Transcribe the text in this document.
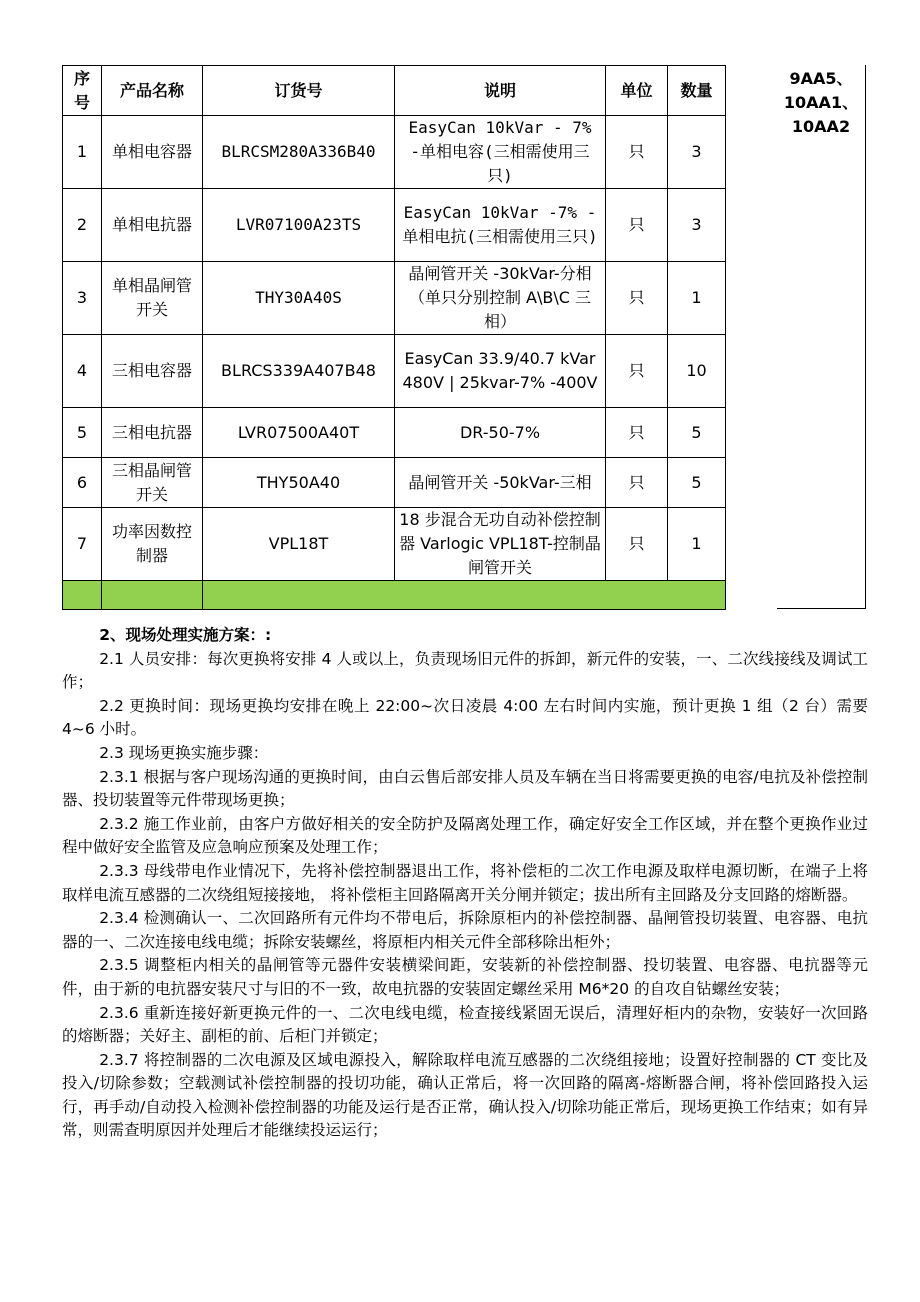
序号	产品名称	订货号	说明	单位	数量
1	单相电容器	BLRCSM280A336B40	EasyCan 10kVar - 7% -单相电容(三相需使用三只)	只	3
2	单相电抗器	LVR07100A23TS	EasyCan 10kVar -7% -单相电抗(三相需使用三只)	只	3
3	单相晶闸管开关	THY30A40S	晶闸管开关 -30kVar-分相（单只分别控制 A\B\C 三相）	只	1
4	三相电容器	BLRCS339A407B48	EasyCan 33.9/40.7 kVar 480V | 25kvar-7% -400V	只	10
5	三相电抗器	LVR07500A40T	DR-50-7%	只	5
6	三相晶闸管开关	THY50A40	晶闸管开关 -50kVar-三相	只	5
7	功率因数控制器	VPL18T	18 步混合无功自动补偿控制器 Varlogic VPL18T-控制晶闸管开关	只	1

9AA5、
10AA1、
10AA2

2、现场处理实施方案：:

2.1 人员安排：每次更换将安排 4 人或以上，负责现场旧元件的拆卸，新元件的安装，一、二次线接线及调试工作；

2.2 更换时间：现场更换均安排在晚上 22:00~次日凌晨 4:00 左右时间内实施，预计更换 1 组（2 台）需要 4~6 小时。

2.3 现场更换实施步骤：

2.3.1 根据与客户现场沟通的更换时间，由白云售后部安排人员及车辆在当日将需要更换的电容/电抗及补偿控制器、投切装置等元件带现场更换；

2.3.2 施工作业前，由客户方做好相关的安全防护及隔离处理工作，确定好安全工作区域，并在整个更换作业过程中做好安全监管及应急响应预案及处理工作；

2.3.3 母线带电作业情况下，先将补偿控制器退出工作，将补偿柜的二次工作电源及取样电源切断，在端子上将取样电流互感器的二次绕组短接接地， 将补偿柜主回路隔离开关分闸并锁定；拔出所有主回路及分支回路的熔断器。

2.3.4 检测确认一、二次回路所有元件均不带电后，拆除原柜内的补偿控制器、晶闸管投切装置、电容器、电抗器的一、二次连接电线电缆；拆除安装螺丝，将原柜内相关元件全部移除出柜外；

2.3.5 调整柜内相关的晶闸管等元器件安装横梁间距，安装新的补偿控制器、投切装置、电容器、电抗器等元件，由于新的电抗器安装尺寸与旧的不一致，故电抗器的安装固定螺丝采用 M6*20 的自攻自钻螺丝安装；

2.3.6 重新连接好新更换元件的一、二次电线电缆，检查接线紧固无误后，清理好柜内的杂物，安装好一次回路的熔断器；关好主、副柜的前、后柜门并锁定；

2.3.7 将控制器的二次电源及区域电源投入，解除取样电流互感器的二次绕组接地；设置好控制器的 CT 变比及投入/切除参数；空载测试补偿控制器的投切功能，确认正常后，将一次回路的隔离-熔断器合闸，将补偿回路投入运行，再手动/自动投入检测补偿控制器的功能及运行是否正常，确认投入/切除功能正常后，现场更换工作结束；如有异常，则需查明原因并处理后才能继续投运运行；
